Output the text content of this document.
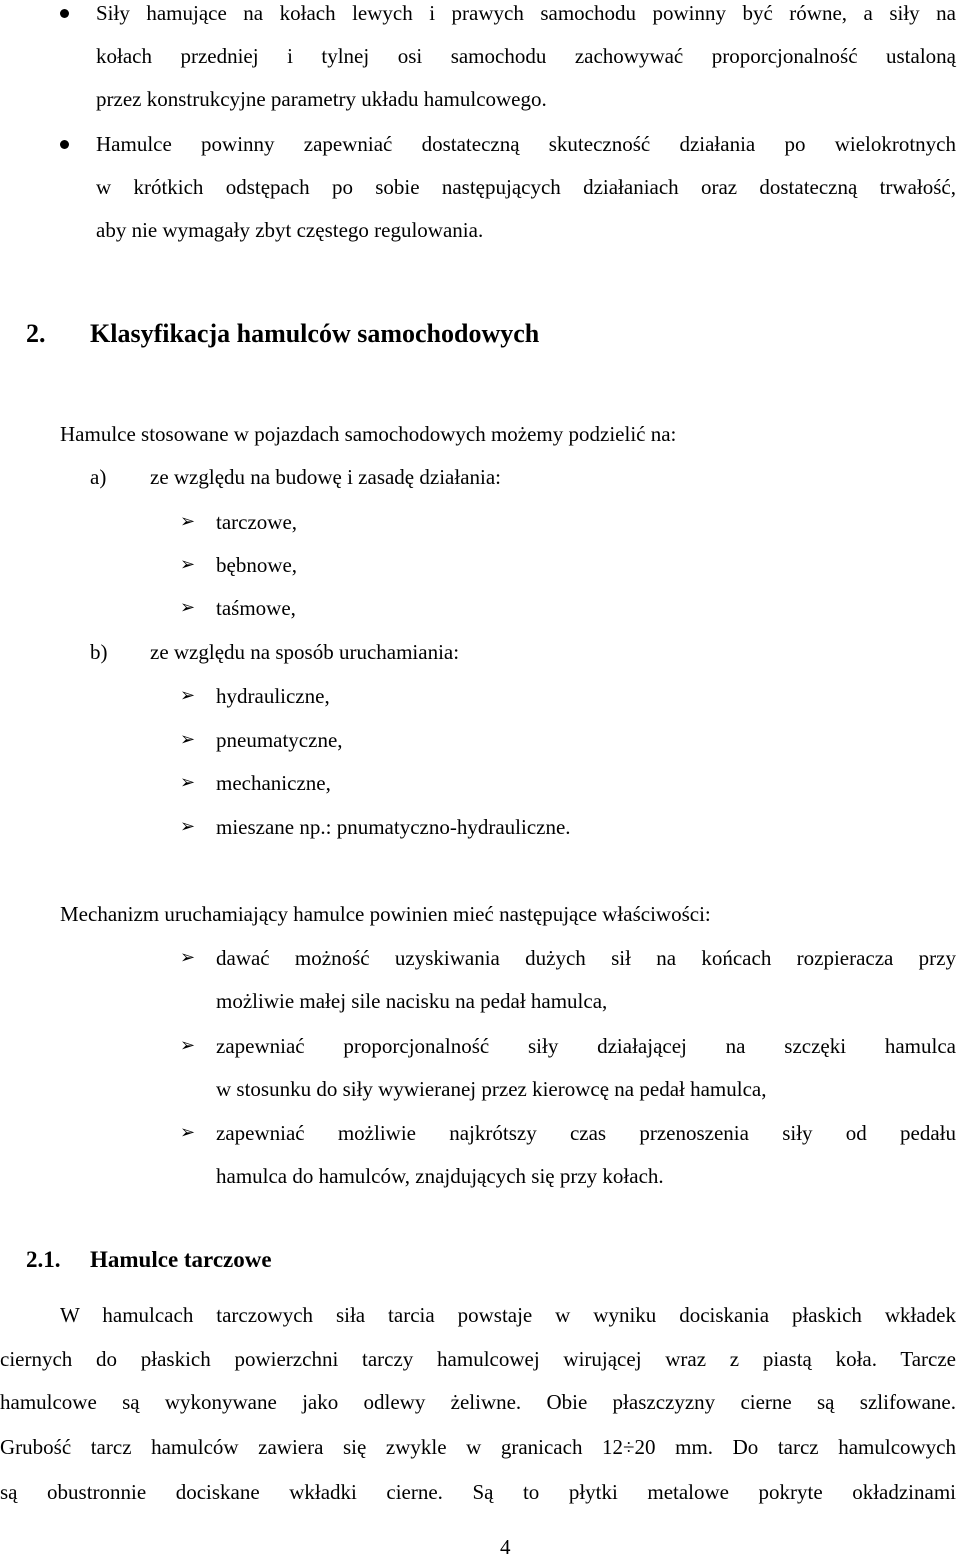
Siły hamujące na kołach lewych i prawych samochodu powinny być równe, a siły na
kołach przedniej i tylnej osi samochodu zachowywać proporcjonalność ustaloną
przez konstrukcyjne parametry układu hamulcowego.
Hamulce powinny zapewniać dostateczną skuteczność działania po wielokrotnych
w krótkich odstępach po sobie następujących działaniach oraz dostateczną trwałość,
aby nie wymagały zbyt częstego regulowania.
2. Klasyfikacja hamulców samochodowych
Hamulce stosowane w pojazdach samochodowych możemy podzielić na:
a) ze względu na budowę i zasadę działania:
➢ tarczowe,
➢ bębnowe,
➢ taśmowe,
b) ze względu na sposób uruchamiania:
➢ hydrauliczne,
➢ pneumatyczne,
➢ mechaniczne,
➢ mieszane np.: pnumatyczno-hydrauliczne.
Mechanizm uruchamiający hamulce powinien mieć następujące właściwości:
➢ dawać możność uzyskiwania dużych sił na końcach rozpieracza przy
możliwie małej sile nacisku na pedał hamulca,
➢ zapewniać proporcjonalność siły działającej na szczęki hamulca
w stosunku do siły wywieranej przez kierowcę na pedał hamulca,
➢ zapewniać możliwie najkrótszy czas przenoszenia siły od pedału
hamulca do hamulców, znajdujących się przy kołach.
2.1. Hamulce tarczowe
W hamulcach tarczowych siła tarcia powstaje w wyniku dociskania płaskich wkładek
ciernych do płaskich powierzchni tarczy hamulcowej wirującej wraz z piastą koła. Tarcze
hamulcowe są wykonywane jako odlewy żeliwne. Obie płaszczyzny cierne są szlifowane.
Grubość tarcz hamulców zawiera się zwykle w granicach 12÷20 mm. Do tarcz hamulcowych
są obustronnie dociskane wkładki cierne. Są to płytki metalowe pokryte okładzinami
4
